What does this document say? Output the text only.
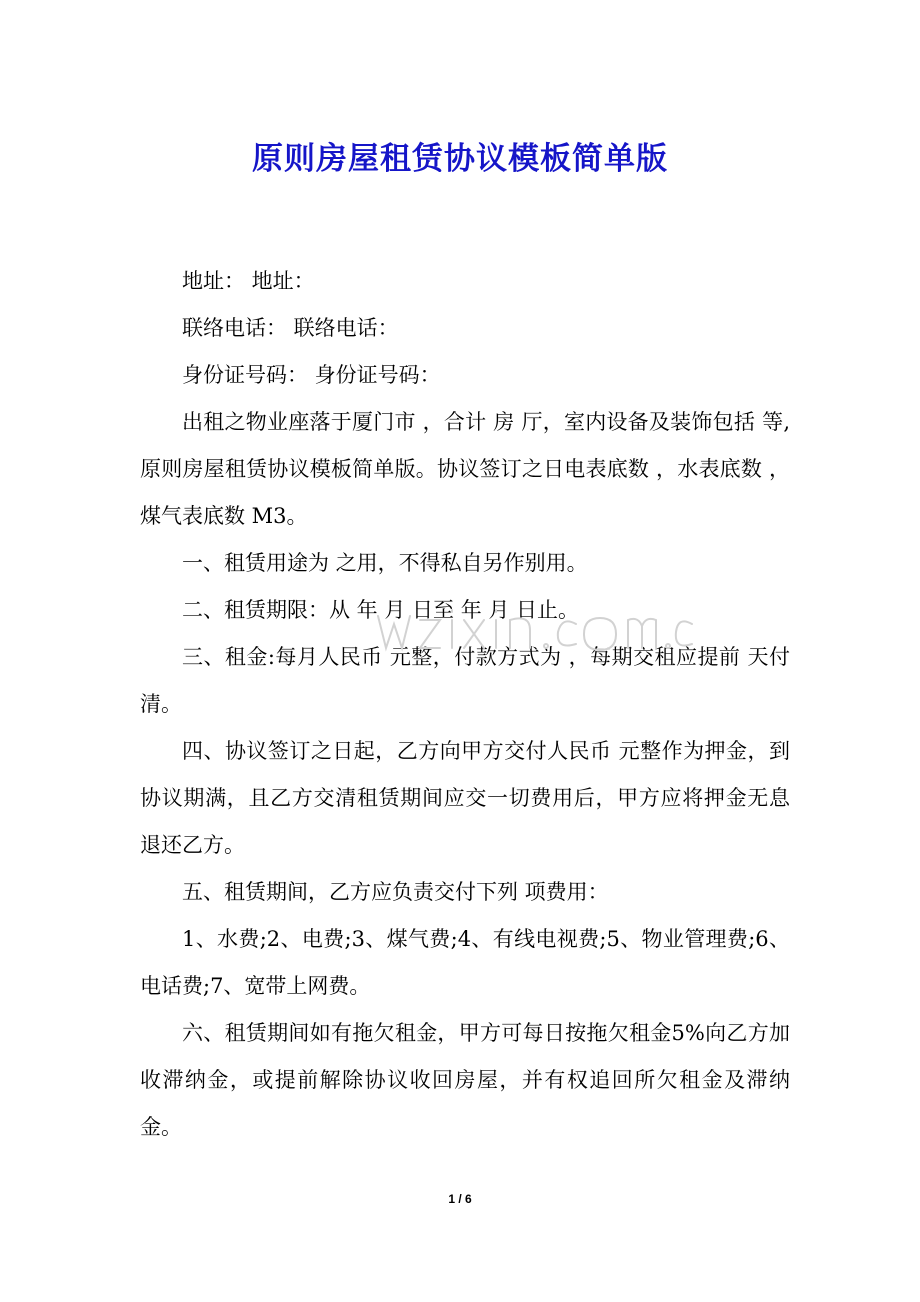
原则房屋租赁协议模板简单版

地址： 地址：

联络电话： 联络电话：

身份证号码： 身份证号码：

出租之物业座落于厦门市 ，合计 房 厅，室内设备及装饰包括 等,原则房屋租赁协议模板简单版。协议签订之日电表底数 ，水表底数 ，煤气表底数 M3。

一、租赁用途为 之用，不得私自另作别用。

二、租赁期限：从 年 月 日至 年 月 日止。

三、租金:每月人民币 元整，付款方式为 ，每期交租应提前 天付清。

四、协议签订之日起，乙方向甲方交付人民币 元整作为押金，到协议期满，且乙方交清租赁期间应交一切费用后，甲方应将押金无息退还乙方。

五、租赁期间，乙方应负责交付下列 项费用：

1、水费;2、电费;3、煤气费;4、有线电视费;5、物业管理费;6、电话费;7、宽带上网费。

六、租赁期间如有拖欠租金，甲方可每日按拖欠租金5%向乙方加收滞纳金，或提前解除协议收回房屋，并有权追回所欠租金及滞纳金。

1 / 6
